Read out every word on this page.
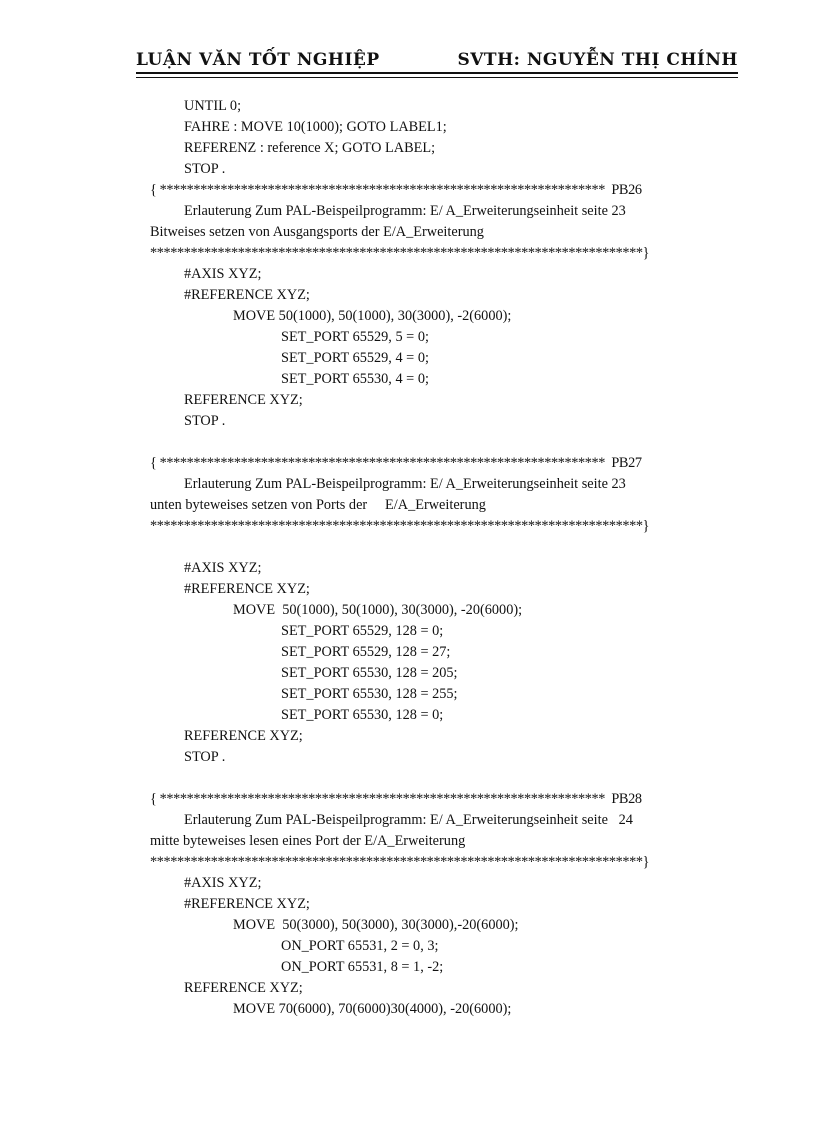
LUẬN VĂN TỐT NGHIỆP	SVTH: NGUYỄN THỊ CHÍNH
UNTIL 0;
FAHRE : MOVE 10(1000); GOTO LABEL1;
REFERENZ : reference X; GOTO LABEL;
STOP .
{ ******************************************************************  PB26
Erlauterung Zum PAL-Beispeilprogramm: E/ A_Erweiterungseinheit seite 23
Bitweises setzen von Ausgangsports der E/A_Erweiterung
*************************************************************************}
#AXIS XYZ;
#REFERENCE XYZ;
MOVE 50(1000), 50(1000), 30(3000), -2(6000);
SET_PORT 65529, 5 = 0;
SET_PORT 65529, 4 = 0;
SET_PORT 65530, 4 = 0;
REFERENCE XYZ;
STOP .
{ ******************************************************************  PB27
Erlauterung Zum PAL-Beispeilprogramm: E/ A_Erweiterungseinheit seite 23
unten byteweises setzen von Ports der     E/A_Erweiterung
*************************************************************************}
#AXIS XYZ;
#REFERENCE XYZ;
MOVE  50(1000), 50(1000), 30(3000), -20(6000);
SET_PORT 65529, 128 = 0;
SET_PORT 65529, 128 = 27;
SET_PORT 65530, 128 = 205;
SET_PORT 65530, 128 = 255;
SET_PORT 65530, 128 = 0;
REFERENCE XYZ;
STOP .
{ ******************************************************************  PB28
Erlauterung Zum PAL-Beispeilprogramm: E/ A_Erweiterungseinheit seite   24
mitte byteweises lesen eines Port der E/A_Erweiterung
*************************************************************************}
#AXIS XYZ;
#REFERENCE XYZ;
MOVE  50(3000), 50(3000), 30(3000),-20(6000);
ON_PORT 65531, 2 = 0, 3;
ON_PORT 65531, 8 = 1, -2;
REFERENCE XYZ;
MOVE 70(6000), 70(6000)30(4000), -20(6000);
